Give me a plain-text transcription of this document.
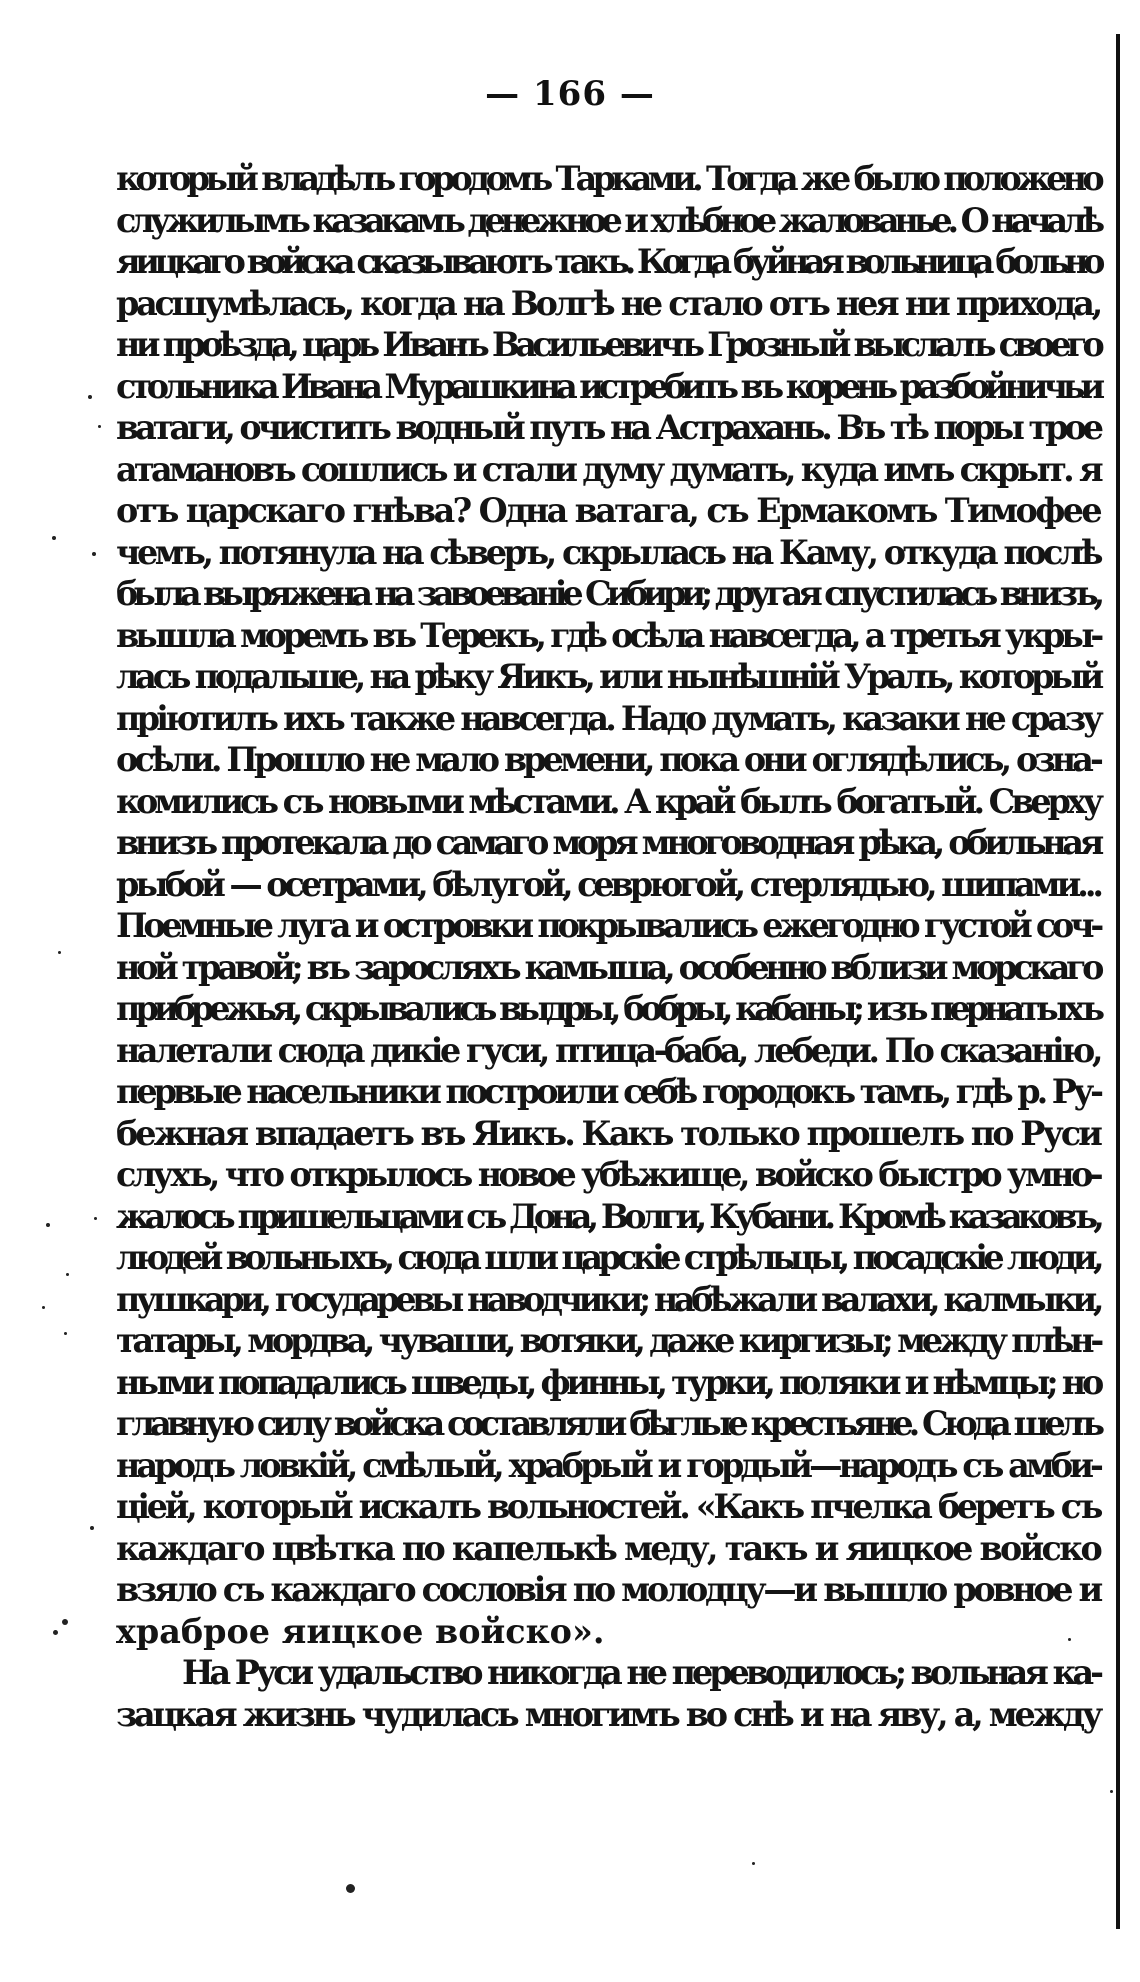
— 166 —

который владѣлъ городомъ Тарками. Тогда же было положено
служилымъ казакамъ денежное и хлѣбное жалованье. О началѣ
яицкаго войска сказываютъ такъ. Когда буйная вольница больно
расшумѣлась, когда на Волгѣ не стало отъ нея ни прихода,
ни проѣзда, царь Иванъ Васильевичъ Грозный выслалъ своего
стольника Ивана Мурашкина истребить въ корень разбойничьи
ватаги, очистить водный путь на Астрахань. Въ тѣ поры трое
атамановъ сошлись и стали думу думать, куда имъ скрыт. я
отъ царскаго гнѣва? Одна ватага, съ Ермакомъ Тимофее
чемъ, потянула на сѣверъ, скрылась на Каму, откуда послѣ
была выряжена на завоеваніе Сибири; другая спустилась внизъ,
вышла моремъ въ Терекъ, гдѣ осѣла навсегда, а третья укры-
лась подальше, на рѣку Яикъ, или нынѣшній Уралъ, который
пріютилъ ихъ также навсегда. Надо думать, казаки не сразу
осѣли. Прошло не мало времени, пока они оглядѣлись, озна-
комились съ новыми мѣстами. А край былъ богатый. Сверху
внизъ протекала до самаго моря многоводная рѣка, обильная
рыбой — осетрами, бѣлугой, севрюгой, стерлядью, шипами...
Поемные луга и островки покрывались ежегодно густой соч-
ной травой; въ заросляхъ камыша, особенно вблизи морскаго
прибрежья, скрывались выдры, бобры, кабаны; изъ пернатыхъ
налетали сюда дикіе гуси, птица-баба, лебеди. По сказанію,
первые насельники построили себѣ городокъ тамъ, гдѣ р. Ру-
бежная впадаетъ въ Яикъ. Какъ только прошелъ по Руси
слухъ, что открылось новое убѣжище, войско быстро умно-
жалось пришельцами съ Дона, Волги, Кубани. Кромѣ казаковъ,
людей вольныхъ, сюда шли царскіе стрѣльцы, посадскіе люди,
пушкари, государевы наводчики; набѣжали валахи, калмыки,
татары, мордва, чуваши, вотяки, даже киргизы; между плѣн-
ными попадались шведы, финны, турки, поляки и нѣмцы; но
главную силу войска составляли бѣглые крестьяне. Сюда шелъ
народъ ловкій, смѣлый, храбрый и гордый—народъ съ амби-
ціей, который искалъ вольностей. «Какъ пчелка беретъ съ
каждаго цвѣтка по капелькѣ меду, такъ и яицкое войско
взяло съ каждаго сословія по молодцу—и вышло ровное и
храброе яицкое войско».

На Руси удальство никогда не переводилось; вольная ка-
зацкая жизнь чудилась многимъ во снѣ и на яву, а, между
